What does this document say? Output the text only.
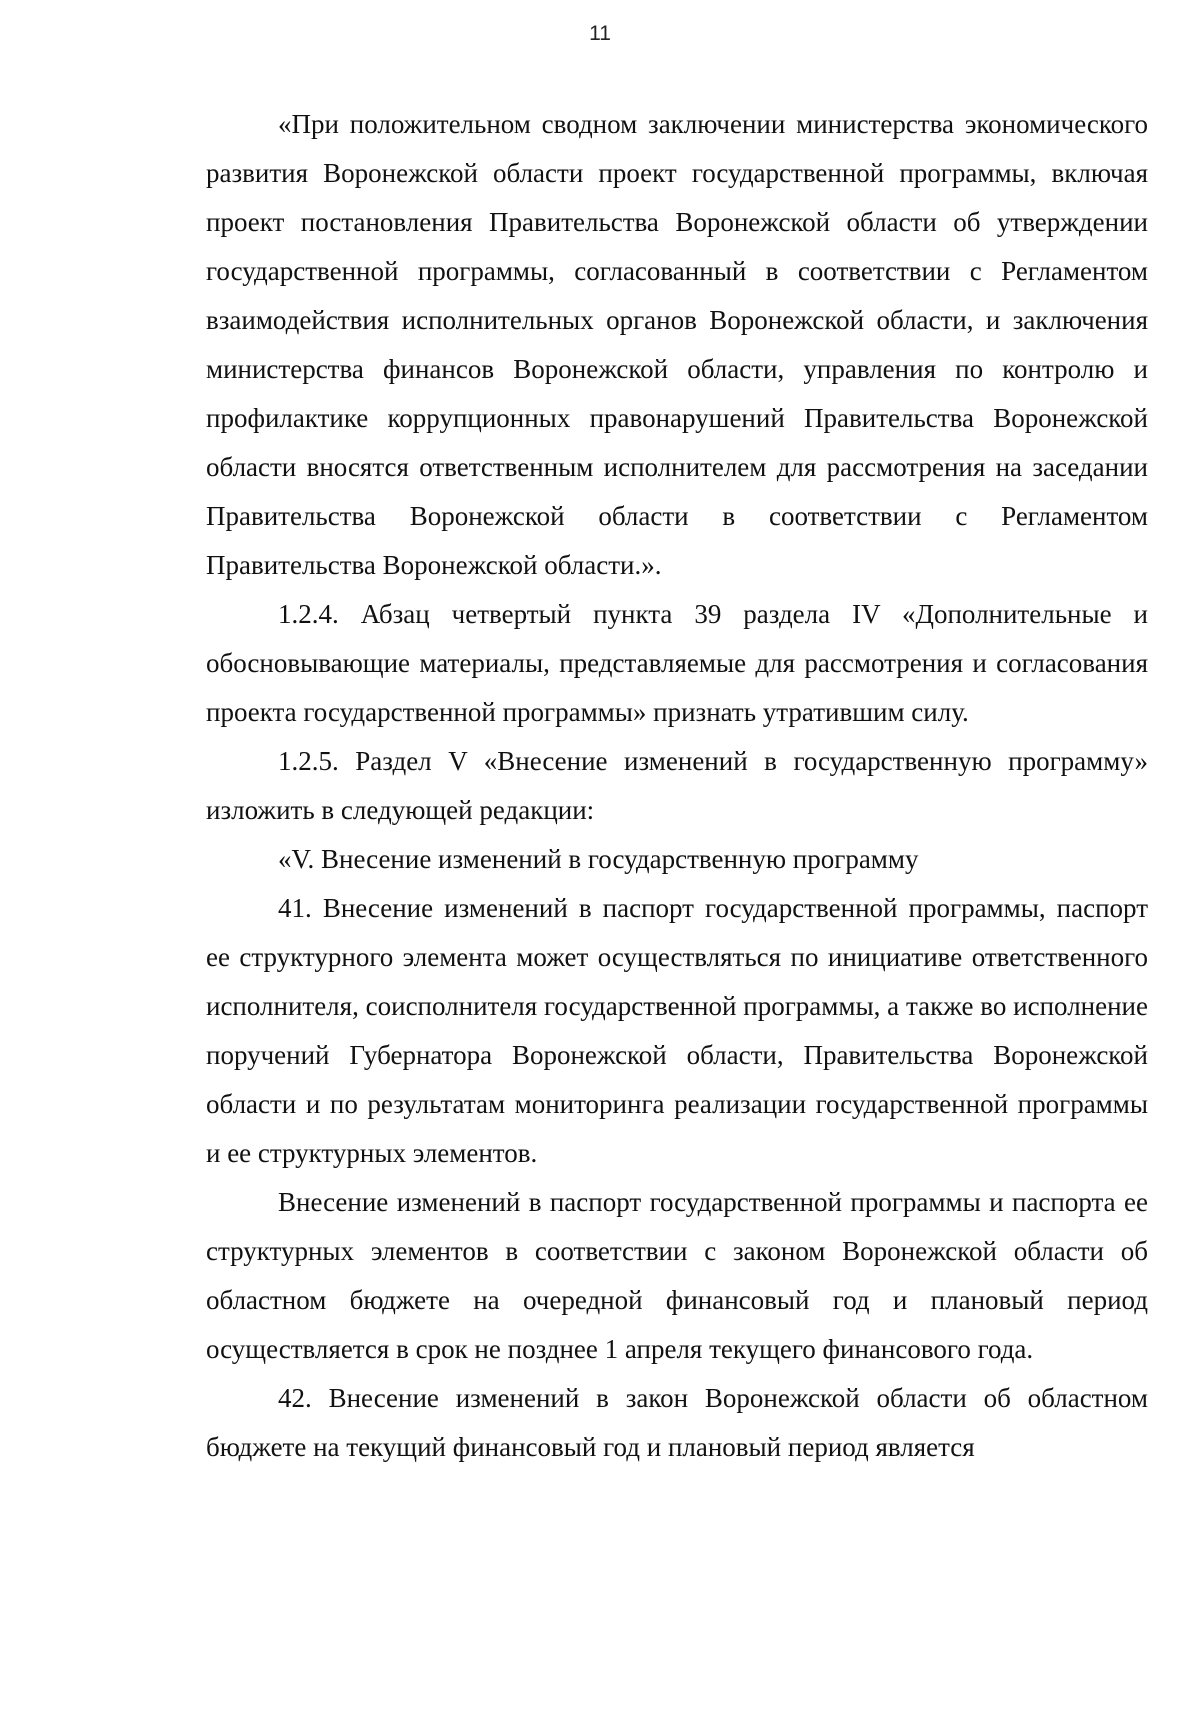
11

«При положительном сводном заключении министерства экономического развития Воронежской области проект государственной программы, включая проект постановления Правительства Воронежской области об утверждении государственной программы, согласованный в соответствии с Регламентом взаимодействия исполнительных органов Воронежской области, и заключения министерства финансов Воронежской области, управления по контролю и профилактике коррупционных правонарушений Правительства Воронежской области вносятся ответственным исполнителем для рассмотрения на заседании Правительства Воронежской области в соответствии с Регламентом Правительства Воронежской области.».

1.2.4. Абзац четвертый пункта 39 раздела IV «Дополнительные и обосновывающие материалы, представляемые для рассмотрения и согласования проекта государственной программы» признать утратившим силу.

1.2.5. Раздел V «Внесение изменений в государственную программу» изложить в следующей редакции:

«V. Внесение изменений в государственную программу

41. Внесение изменений в паспорт государственной программы, паспорт ее структурного элемента может осуществляться по инициативе ответственного исполнителя, соисполнителя государственной программы, а также во исполнение поручений Губернатора Воронежской области, Правительства Воронежской области и по результатам мониторинга реализации государственной программы и ее структурных элементов.

Внесение изменений в паспорт государственной программы и паспорта ее структурных элементов в соответствии с законом Воронежской области об областном бюджете на очередной финансовый год и плановый период осуществляется в срок не позднее 1 апреля текущего финансового года.

42. Внесение изменений в закон Воронежской области об областном бюджете на текущий финансовый год и плановый период является
